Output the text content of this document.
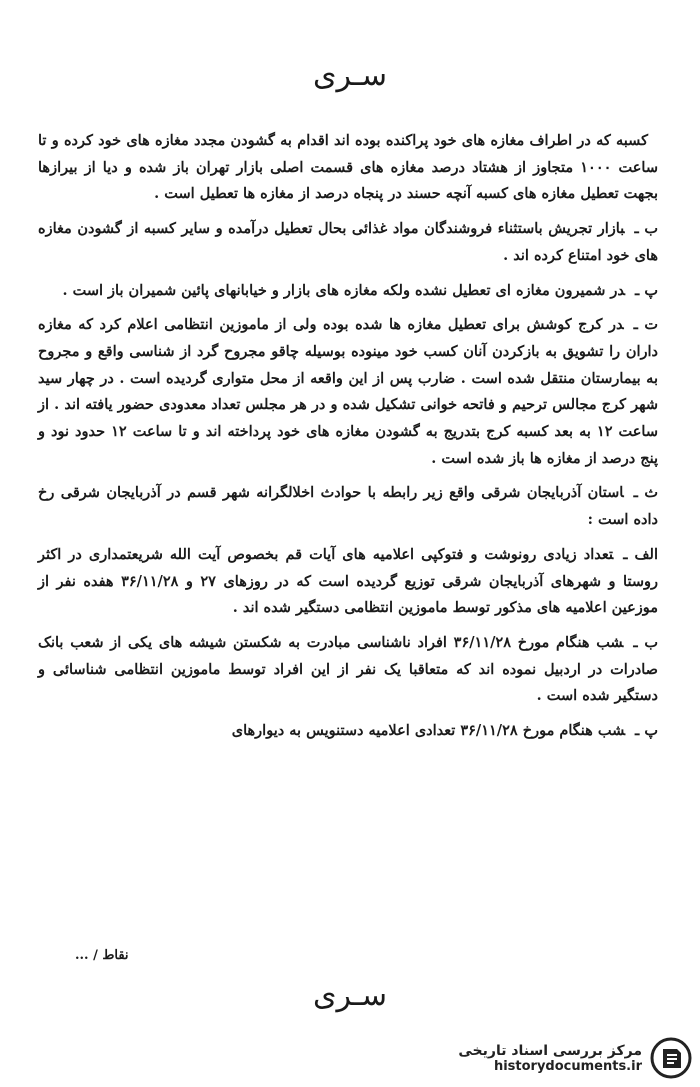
سـری

کسبه که در اطراف مغازه های خود پراکنده بوده اند اقدام به گشودن مجدد مغازه های خود کرده و تا ساعت ۱۰۰۰ متجاوز از هشتاد درصد مغازه های قسمت اصلی بازار تهران باز شده و دیا از بیرازها بجهت تعطیل مغازه های کسبه آنچه حسند در پنجاه درصد از مغازه ها تعطیل است .

ب ـبازار تجریش باستثناء فروشندگان مواد غذائی بحال تعطیل درآمده و سایر کسبه از گشودن مغازه های خود امتناع کرده اند .

پ ـدر شمیرون مغازه ای تعطیل نشده ولکه مغازه های بازار و خیابانهای پائین شمیران باز است .

ت ـدر کرج کوشش برای تعطیل مغازه ها شده بوده ولی از ماموزین انتظامی اعلام کرد که مغازه داران را تشویق به بازکردن آنان کسب خود مینوده بوسیله چاقو مجروح گرد از شناسی واقع و مجروح به بیمارستان منتقل شده است . ضارب پس از این واقعه از محل متواری گردیده است . در چهار سید شهر کرج مجالس ترحیم و فاتحه خوانی تشکیل شده و در هر مجلس تعداد معدودی حضور یافته اند . از ساعت ۱۲ به بعد کسبه کرج بتدریج به گشودن مغازه های خود پرداخته اند و تا ساعت ۱۲ حدود نود و پنج درصد از مغازه ها باز شده است .

ث ـاستان آذربایجان شرقی واقع زیر رابطه با حوادث اخلالگرانه شهر قسم در آذربایجان شرقی رخ داده است :

الف ـتعداد زیادی رونوشت و فتوکپی اعلامیه های آیات قم بخصوص آیت الله شریعتمداری در اکثر روستا و شهرهای آذربایجان شرقی توزیع گردیده است که در روزهای ۲۷ و ۳۶/۱۱/۲۸ هفده نفر از موزعین اعلامیه های مذکور توسط ماموزین انتظامی دستگیر شده اند .

ب ـشب هنگام مورخ ۳۶/۱۱/۲۸ افراد ناشناسی مبادرت به شکستن شیشه های یکی از شعب بانک صادرات در اردبیل نموده اند که متعاقبا یک نفر از این افراد توسط ماموزین انتظامی شناسائی و دستگیر شده است .

پ ـشب هنگام مورخ ۳۶/۱۱/۲۸ تعدادی اعلامیه دستنویس به دیوارهای

نقاط / ...
سـری
مرکز بررسی اسناد تاریخی
historydocuments.ir
